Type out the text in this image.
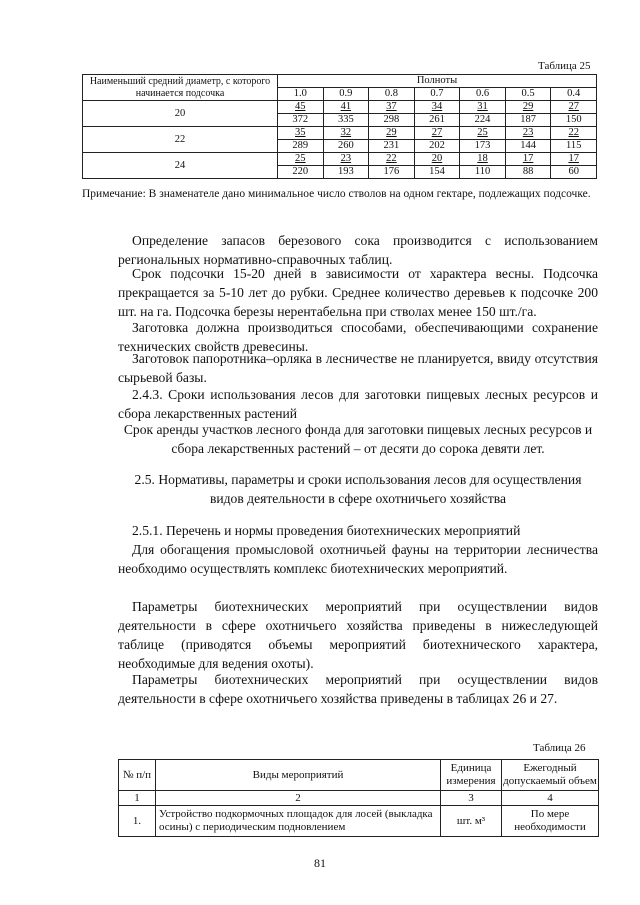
Таблица 25
Наименьший средний диаметр, с которого начинается подсочка	Полноты						
	1.0	0.9	0.8	0.7	0.6	0.5	0.4
20	45	41	37	34	31	29	27
	372	335	298	261	224	187	150
22	35	32	29	27	25	23	22
	289	260	231	202	173	144	115
24	25	23	22	20	18	17	17
	220	193	176	154	110	88	60
Примечание: В знаменателе дано минимальное число стволов на одном гектаре, подлежащих подсочке.
Определение запасов березового сока производится с использованием региональных нормативно-справочных таблиц.
Срок подсочки 15-20 дней в зависимости от характера весны. Подсочка прекращается за 5-10 лет до рубки. Среднее количество деревьев к подсочке 200 шт. на га. Подсочка березы нерентабельна при стволах менее 150 шт./га.
Заготовка должна производиться способами, обеспечивающими сохранение технических свойств древесины.
Заготовок папоротника–орляка в лесничестве не планируется, ввиду отсутствия сырьевой базы.
2.4.3. Сроки использования лесов для заготовки пищевых лесных ресурсов и сбора лекарственных растений
Срок аренды участков лесного фонда для заготовки пищевых лесных ресурсов и сбора лекарственных растений – от десяти до сорока девяти лет.
2.5. Нормативы, параметры и сроки использования лесов для осуществления видов деятельности в сфере охотничьего хозяйства
2.5.1. Перечень и нормы проведения биотехнических мероприятий
Для обогащения промысловой охотничьей фауны на территории лесничества необходимо осуществлять комплекс биотехнических мероприятий.
Параметры биотехнических мероприятий при осуществлении видов деятельности в сфере охотничьего хозяйства приведены в нижеследующей таблице (приводятся объемы мероприятий биотехнического характера, необходимые для ведения охоты).
Параметры биотехнических мероприятий при осуществлении видов деятельности в сфере охотничьего хозяйства приведены в таблицах 26 и 27.
Таблица 26
№ п/п	Виды мероприятий	Единица измерения	Ежегодный допускаемый объем
1	2	3	4
1.	Устройство подкормочных площадок для лосей (выкладка осины) с периодическим подновлением	шт. м³	По мере необходимости
81
